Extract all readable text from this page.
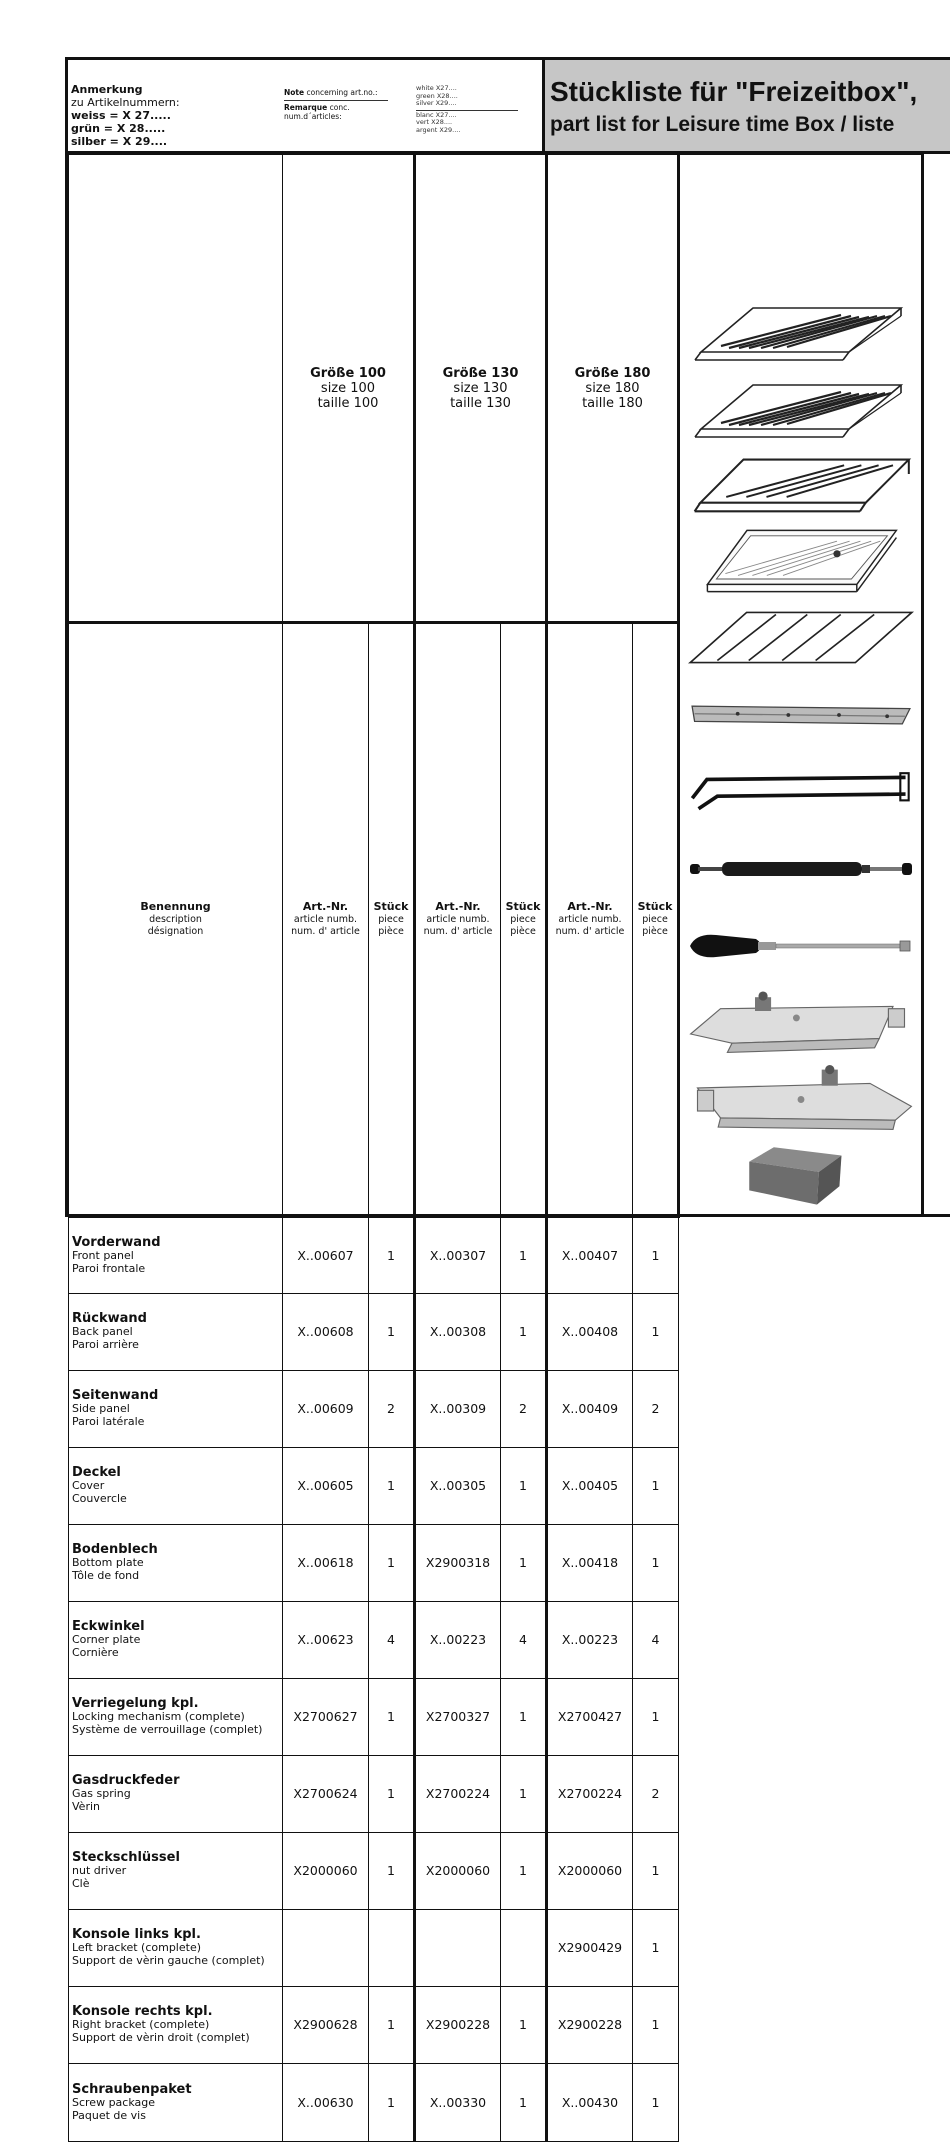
Anmerkung
zu Artikelnummern:
weiss = X 27.....
grün = X 28.....
silber = X 29....
Note concerning art.no.:
Remarque conc.
num.d´articles:
white X27....
green X28....
silver X29....
blanc X27....
vert X28....
argent X29....
Stückliste für "Freizeitbox",
part list for Leisure time Box / liste
	Größe 100
size 100
taille 100		Größe 130
size 130
taille 130		Größe 180
size 180
taille 180	

Benennung
description
désignation	Art.-Nr.
article numb.
num. d' article	Stück
piece
pièce	Art.-Nr.
article numb.
num. d' article	Stück
piece
pièce	Art.-Nr.
article numb.
num. d' article	Stück
piece
pièce		

Vorderwand
Front panel
Paroi frontale	X..00607	1	X..00307	1	X..00407	1		

Rückwand
Back panel
Paroi arrière	X..00608	1	X..00308	1	X..00408	1		

Seitenwand
Side panel
Paroi latérale	X..00609	2	X..00309	2	X..00409	2		

Deckel
Cover
Couvercle	X..00605	1	X..00305	1	X..00405	1		

Bodenblech
Bottom plate
Tôle de fond	X..00618	1	X2900318	1	X..00418	1		

Eckwinkel
Corner plate
Cornière	X..00623	4	X..00223	4	X..00223	4		

Verriegelung kpl.
Locking mechanism (complete)
Système de verrouillage (complet)	X2700627	1	X2700327	1	X2700427	1		

Gasdruckfeder
Gas spring
Vèrin	X2700624	1	X2700224	1	X2700224	2		

Steckschlüssel
nut driver
Clè	X2000060	1	X2000060	1	X2000060	1		

Konsole links kpl.
Left bracket (complete)
Support de vèrin gauche (complet)					X2900429	1		

Konsole rechts kpl.
Right bracket (complete)
Support de vèrin droit (complet)	X2900628	1	X2900228	1	X2900228	1		

Schraubenpaket
Screw package
Paquet de vis	X..00630	1	X..00330	1	X..00430	1		
